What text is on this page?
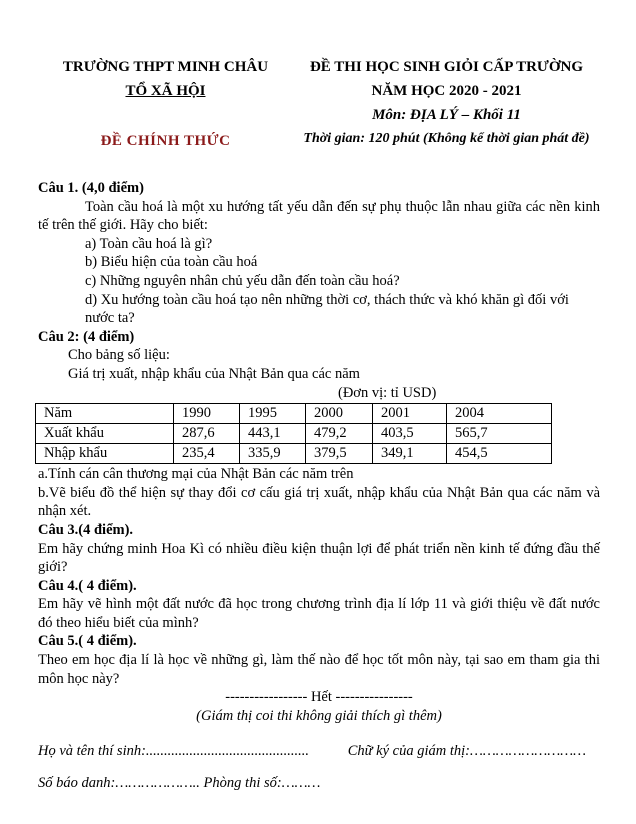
TRƯỜNG THPT MINH CHÂU
TỔ XÃ HỘI
ĐỀ CHÍNH THỨC
ĐỀ THI HỌC SINH GIỎI CẤP TRƯỜNG
NĂM HỌC 2020 - 2021
Môn: ĐỊA LÝ – Khối 11
Thời gian: 120 phút (Không kể thời gian phát đề)
Câu 1. (4,0 điểm)
Toàn cầu hoá là một xu hướng tất yếu dẫn đến sự phụ thuộc lẫn nhau giữa các nền kinh tế trên thế giới. Hãy cho biết:
a) Toàn cầu hoá là gì?
b) Biểu hiện của toàn cầu hoá
c) Những nguyên nhân chủ yếu dẫn đến toàn cầu hoá?
d) Xu hướng toàn cầu hoá tạo nên những thời cơ, thách thức và khó khăn gì đối với nước ta?
Câu 2: (4 điểm)
Cho bảng số liệu:
Giá trị xuất, nhập khẩu của Nhật Bản qua các năm
(Đơn vị: tỉ USD)
Năm	1990	1995	2000	2001	2004
Xuất khẩu	287,6	443,1	479,2	403,5	565,7
Nhập khẩu	235,4	335,9	379,5	349,1	454,5
a.Tính cán cân thương mại của Nhật Bản các năm trên
b.Vẽ biểu đồ thể hiện sự thay đổi cơ cấu giá trị xuất, nhập khẩu của Nhật Bản qua các năm và nhận xét.
Câu 3.(4 điểm).
Em hãy chứng minh Hoa Kì có nhiều điều kiện thuận lợi để phát triển nền kinh tế đứng đầu thế giới?
Câu 4.( 4 điểm).
Em hãy vẽ hình một đất nước đã học trong chương trình địa lí lớp 11 và giới thiệu về đất nước đó theo hiểu biết của mình?
Câu 5.( 4 điểm).
Theo em học địa lí là học về những gì, làm thế nào để học tốt môn này, tại sao em tham gia thi môn học này?
----------------- Hết ----------------
(Giám thị coi thi không giải thích gì thêm)
Họ và tên thí sinh:.............................................	Chữ ký của giám thị:………………………
Số báo danh:……………….. Phòng thi số:………
